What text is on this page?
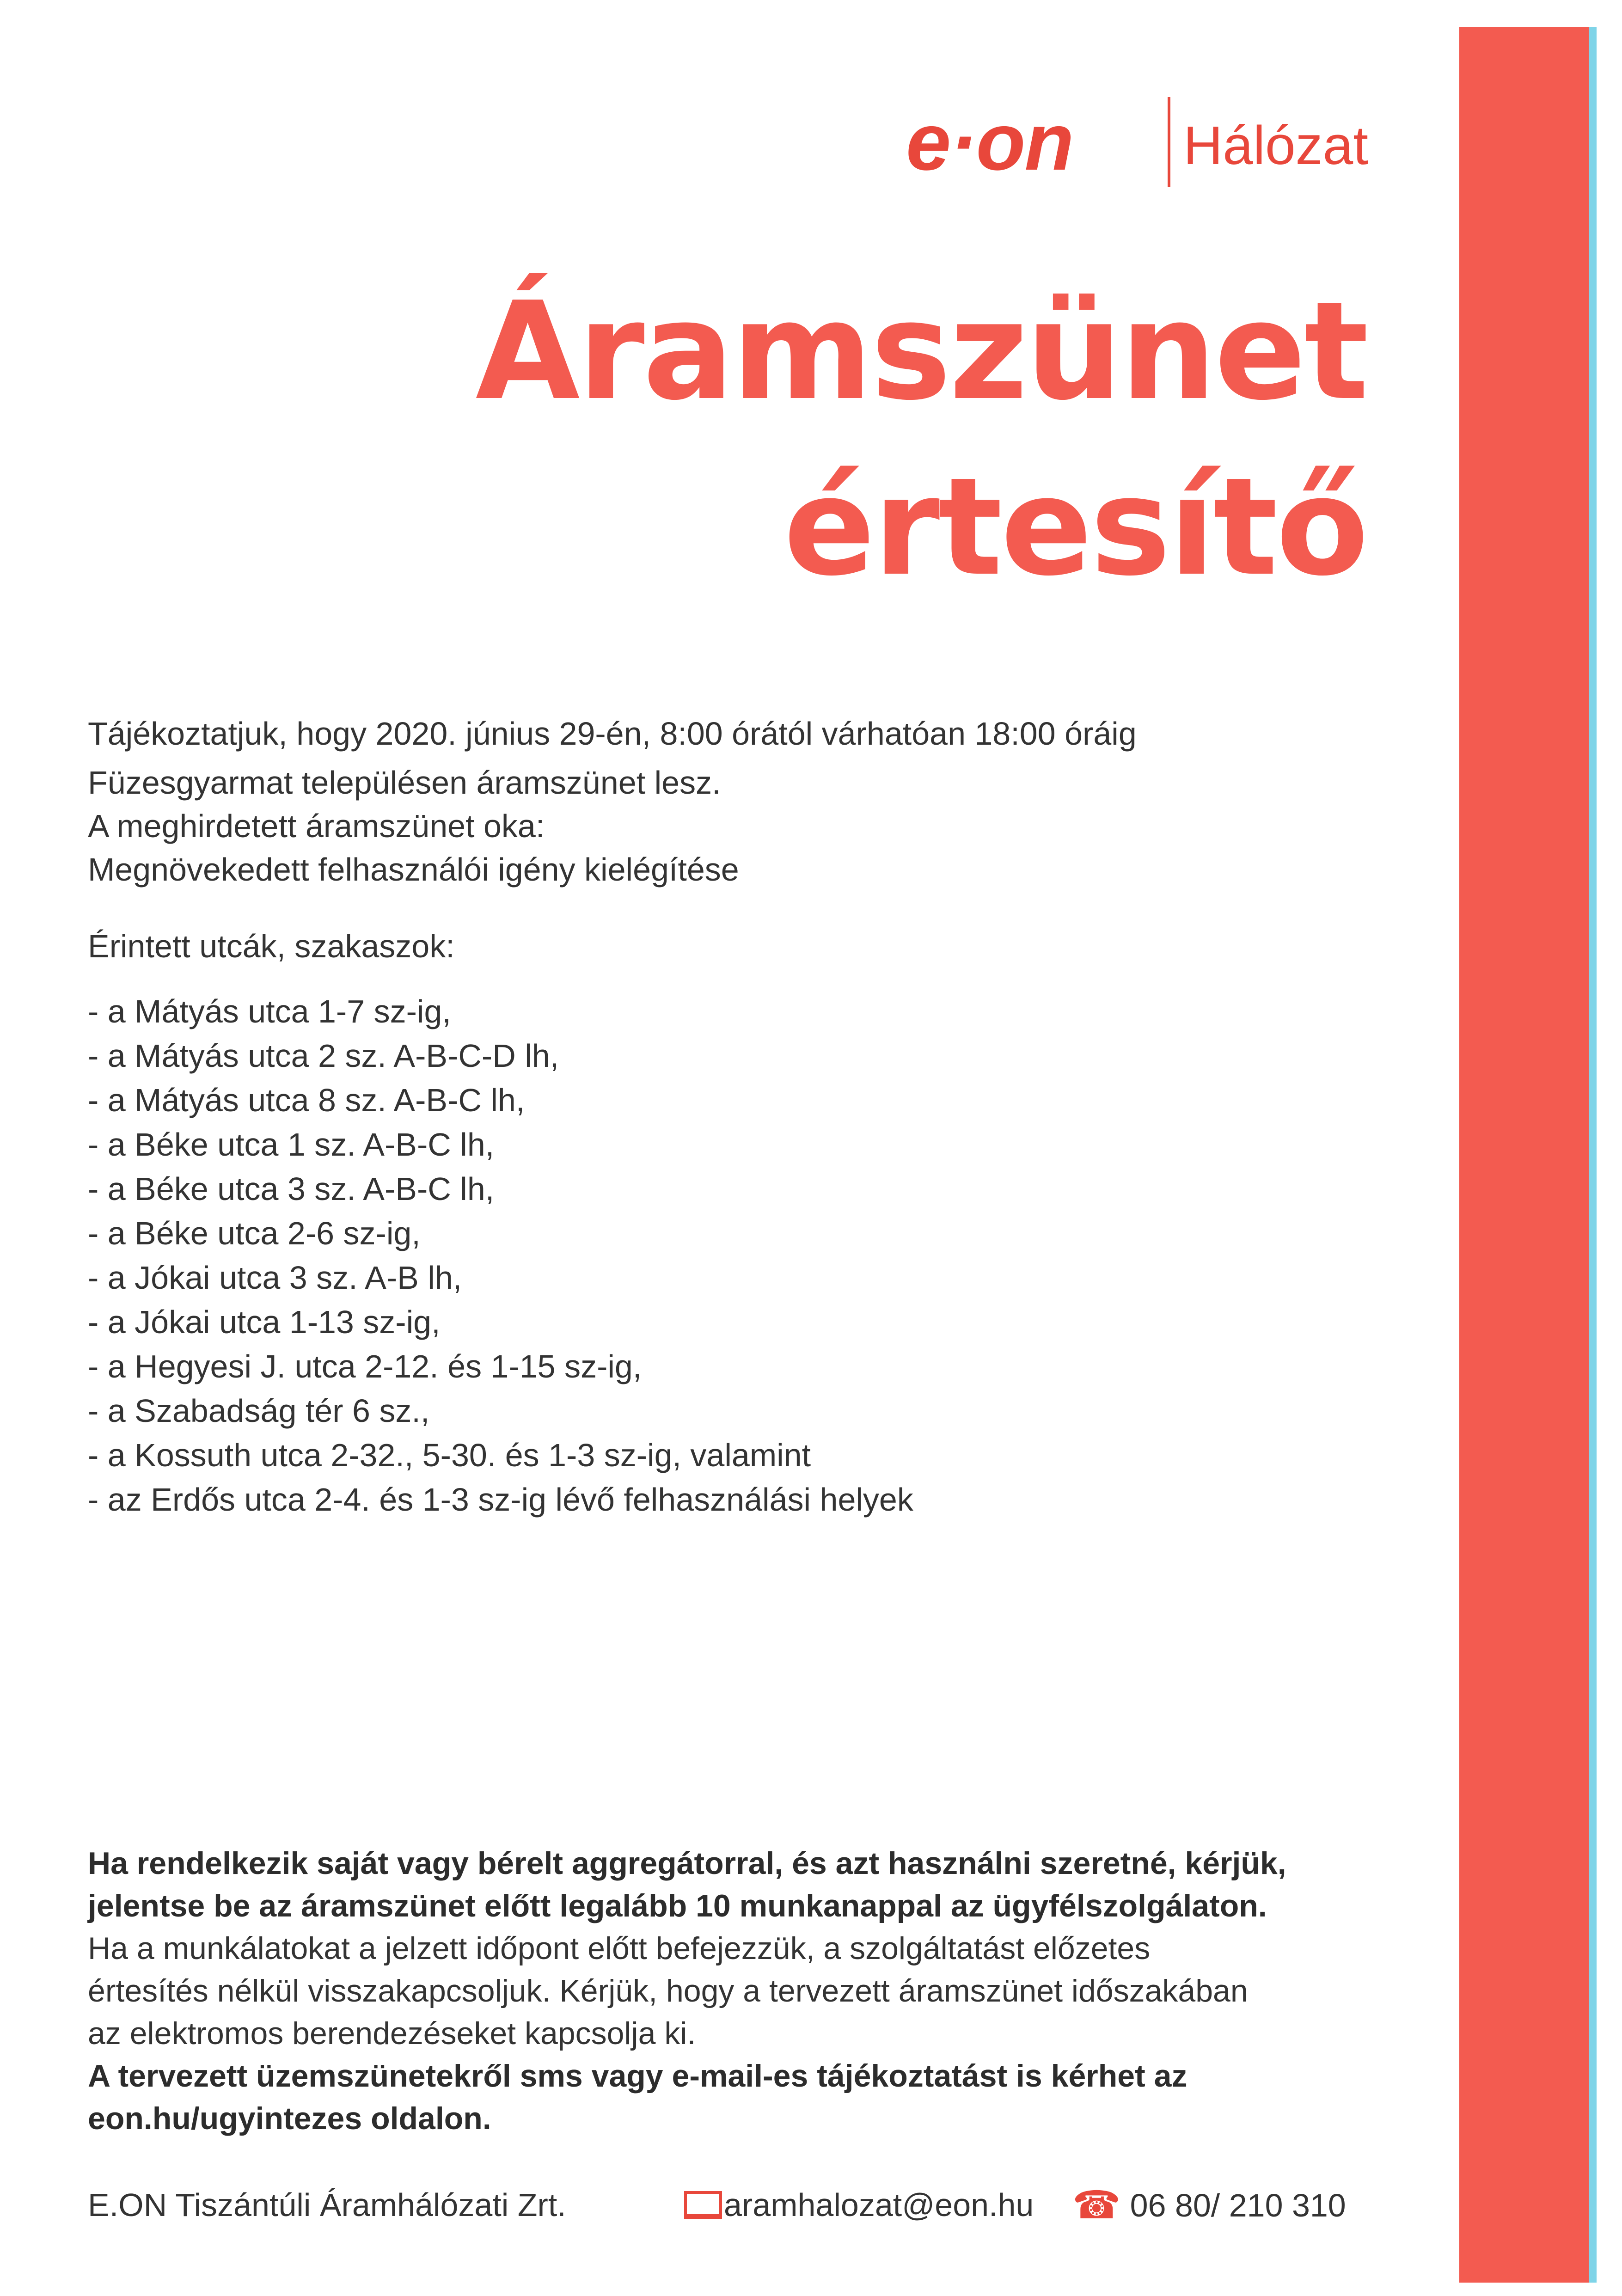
e·on Hálózat
Áramszünet
értesítő
Tájékoztatjuk, hogy 2020. június 29-én, 8:00 órától várhatóan 18:00 óráig
Füzesgyarmat településen áramszünet lesz.
A meghirdetett áramszünet oka:
Megnövekedett felhasználói igény kielégítése
Érintett utcák, szakaszok:
- a Mátyás utca 1-7 sz-ig,
- a Mátyás utca 2 sz. A-B-C-D lh,
- a Mátyás utca 8 sz. A-B-C lh,
- a Béke utca 1 sz. A-B-C lh,
- a Béke utca 3 sz. A-B-C lh,
- a Béke utca 2-6 sz-ig,
- a Jókai utca 3 sz. A-B lh,
- a Jókai utca 1-13 sz-ig,
- a Hegyesi J. utca 2-12. és 1-15 sz-ig,
- a Szabadság tér 6 sz.,
- a Kossuth utca 2-32., 5-30. és 1-3 sz-ig, valamint
- az Erdős utca 2-4. és 1-3 sz-ig lévő felhasználási helyek
Ha rendelkezik saját vagy bérelt aggregátorral, és azt használni szeretné, kérjük,
jelentse be az áramszünet előtt legalább 10 munkanappal az ügyfélszolgálaton.
Ha a munkálatokat a jelzett időpont előtt befejezzük, a szolgáltatást előzetes
értesítés nélkül visszakapcsoljuk. Kérjük, hogy a tervezett áramszünet időszakában
az elektromos berendezéseket kapcsolja ki.
A tervezett üzemszünetekről sms vagy e-mail-es tájékoztatást is kérhet az
eon.hu/ugyintezes oldalon.
E.ON Tiszántúli Áramhálózati Zrt.	aramhalozat@eon.hu ☎ 06 80/ 210 310
